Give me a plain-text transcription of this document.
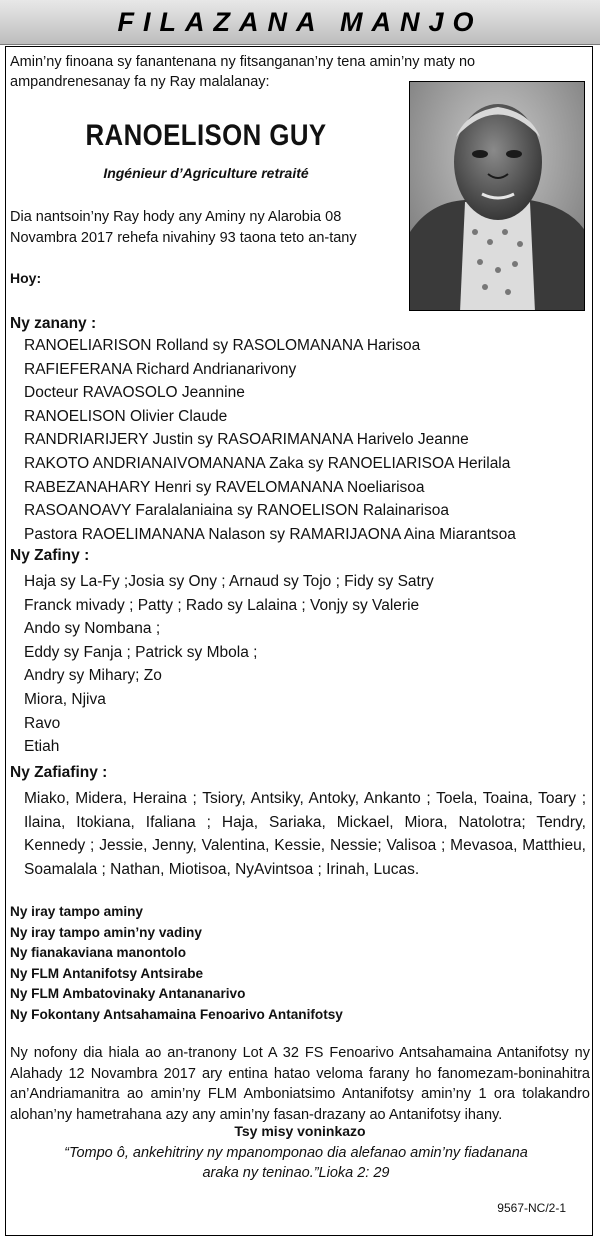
FILAZANA MANJO
Amin’ny finoana sy fanantenana ny fitsanganan’ny tena amin’ny maty no ampandrenesanay fa ny Ray malalanay:
RANOELISON GUY
Ingénieur d’Agriculture retraité
Dia nantsoin’ny Ray hody any Aminy ny Alarobia 08 Novambra 2017 rehefa nivahiny 93 taona teto an-tany
Hoy:
Ny zanany :
RANOELIARISON Rolland sy RASOLOMANANA Harisoa
RAFIEFERANA Richard Andrianarivony
Docteur RAVAOSOLO Jeannine
RANOELISON Olivier Claude
RANDRIARIJERY Justin sy RASOARIMANANA Harivelo Jeanne
RAKOTO ANDRIANAIVOMANANA Zaka sy RANOELIARISOA Herilala
RABEZANAHARY Henri sy RAVELOMANANA Noeliarisoa
RASOANOAVY Faralalaniaina sy RANOELISON Ralainarisoa
Pastora RAOELIMANANA Nalason sy RAMARIJAONA Aina Miarantsoa
Ny Zafiny :
Haja sy La-Fy ;Josia sy Ony ; Arnaud sy Tojo ; Fidy sy Satry
Franck mivady ; Patty ; Rado sy Lalaina ; Vonjy sy Valerie
Ando sy Nombana ;
Eddy sy Fanja ; Patrick sy Mbola ;
Andry sy Mihary; Zo
Miora, Njiva
Ravo
Etiah
Ny Zafiafiny :
Miako, Midera, Heraina ; Tsiory, Antsiky, Antoky, Ankanto ; Toela, Toaina, Toary ; Ilaina, Itokiana, Ifaliana ; Haja, Sariaka, Mickael, Miora, Natolotra; Tendry, Kennedy ; Jessie, Jenny, Valentina, Kessie, Nessie; Valisoa ; Mevasoa, Matthieu, Soamalala ; Nathan, Miotisoa, NyAvintsoa ; Irinah, Lucas.
Ny iray tampo aminy
Ny iray tampo amin’ny vadiny
Ny fianakaviana manontolo
Ny FLM Antanifotsy Antsirabe
Ny FLM Ambatovinaky Antananarivo
Ny Fokontany Antsahamaina Fenoarivo Antanifotsy
Ny nofony dia hiala ao an-tranony Lot A 32 FS Fenoarivo Antsahamaina Antanifotsy ny Alahady 12 Novambra 2017 ary entina hatao veloma farany ho fanomezam-boninahitra an’Andriamanitra ao amin’ny FLM Amboniatsimo Antanifotsy amin’ny 1 ora tolakandro alohan’ny hametrahana azy any amin’ny fasan-drazany ao Antanifotsy ihany.
Tsy misy voninkazo
“Tompo ô, ankehitriny ny mpanomponao dia alefanao amin’ny fiadanana
araka ny teninao.”Lioka 2: 29
9567-NC/2-1
